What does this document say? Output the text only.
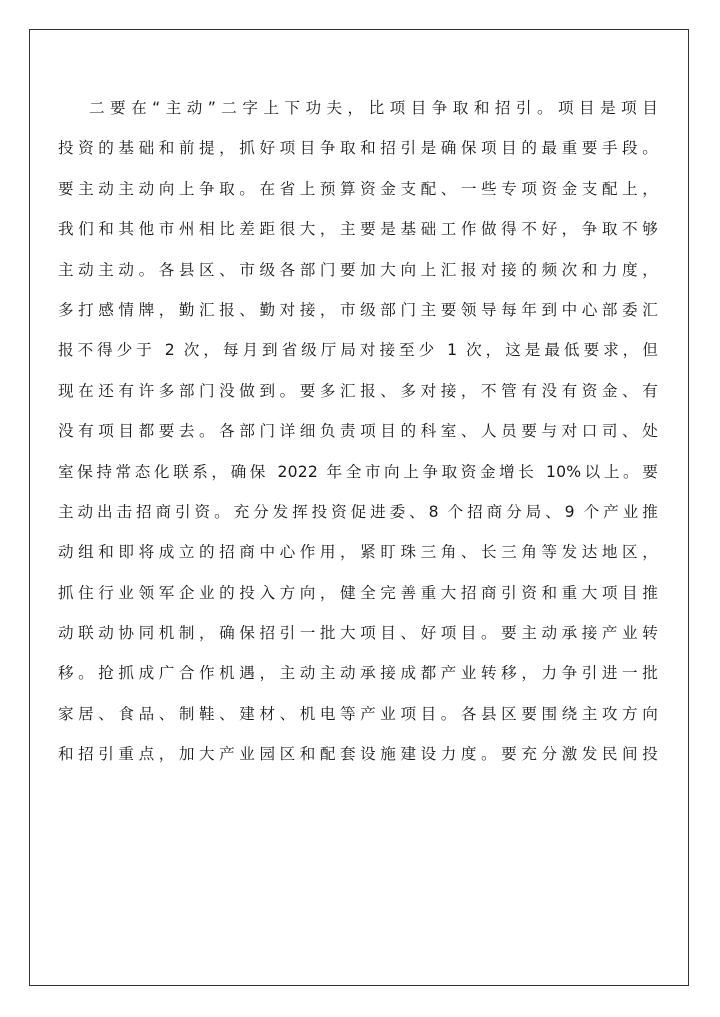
二要在“主动”二字上下功夫，比项目争取和招引。项目是项目
投资的基础和前提，抓好项目争取和招引是确保项目的最重要手段。
要主动主动向上争取。在省上预算资金支配、一些专项资金支配上，
我们和其他市州相比差距很大，主要是基础工作做得不好，争取不够
主动主动。各县区、市级各部门要加大向上汇报对接的频次和力度，
多打感情牌，勤汇报、勤对接，市级部门主要领导每年到中心部委汇
报不得少于 2 次，每月到省级厅局对接至少 1 次，这是最低要求，但
现在还有许多部门没做到。要多汇报、多对接，不管有没有资金、有
没有项目都要去。各部门详细负责项目的科室、人员要与对口司、处
室保持常态化联系，确保 2022 年全市向上争取资金增长 10%以上。要
主动出击招商引资。充分发挥投资促进委、8 个招商分局、9 个产业推
动组和即将成立的招商中心作用，紧盯珠三角、长三角等发达地区，
抓住行业领军企业的投入方向，健全完善重大招商引资和重大项目推
动联动协同机制，确保招引一批大项目、好项目。要主动承接产业转
移。抢抓成广合作机遇，主动主动承接成都产业转移，力争引进一批
家居、食品、制鞋、建材、机电等产业项目。各县区要围绕主攻方向
和招引重点，加大产业园区和配套设施建设力度。要充分激发民间投
